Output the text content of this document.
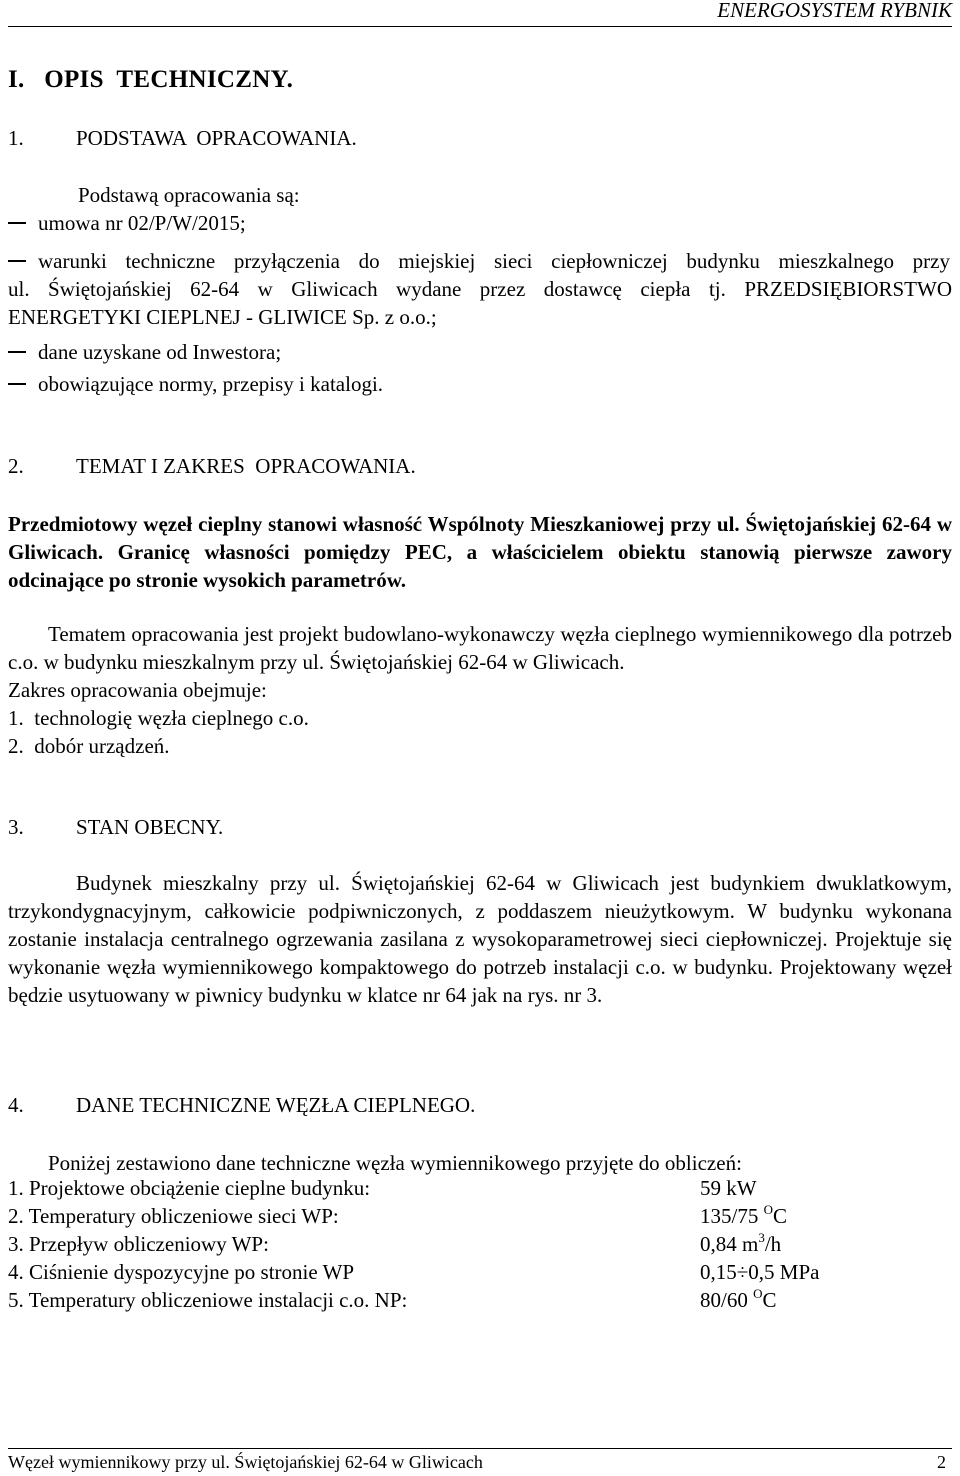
ENERGOSYSTEM RYBNIK
I.   OPIS  TECHNICZNY.
1. PODSTAWA  OPRACOWANIA.
Podstawą opracowania są:
umowa nr 02/P/W/2015;
warunki techniczne przyłączenia do miejskiej sieci ciepłowniczej budynku mieszkalnego przy
ul. Świętojańskiej 62-64 w Gliwicach wydane przez dostawcę ciepła tj. PRZEDSIĘBIORSTWO
ENERGETYKI CIEPLNEJ - GLIWICE Sp. z o.o.;
dane uzyskane od Inwestora;
obowiązujące normy, przepisy i katalogi.
2. TEMAT I ZAKRES  OPRACOWANIA.
Przedmiotowy węzeł cieplny stanowi własność Wspólnoty Mieszkaniowej przy ul. Świętojańskiej 62-64 w Gliwicach. Granicę własności pomiędzy PEC, a właścicielem obiektu stanowią pierwsze zawory odcinające po stronie wysokich parametrów.
Tematem opracowania jest projekt budowlano-wykonawczy węzła cieplnego wymiennikowego dla potrzeb c.o. w budynku mieszkalnym przy ul. Świętojańskiej 62-64 w Gliwicach.
Zakres opracowania obejmuje:
1.  technologię węzła cieplnego c.o.
2.  dobór urządzeń.
3. STAN OBECNY.
Budynek mieszkalny przy ul. Świętojańskiej 62-64 w Gliwicach jest budynkiem dwuklatkowym, trzykondygnacyjnym, całkowicie podpiwniczonych, z poddaszem nieużytkowym. W budynku wykonana zostanie instalacja centralnego ogrzewania zasilana z wysokoparametrowej sieci ciepłowniczej. Projektuje się wykonanie węzła wymiennikowego kompaktowego do potrzeb instalacji c.o. w budynku. Projektowany węzeł będzie usytuowany w piwnicy budynku w klatce nr 64 jak na rys. nr 3.
4. DANE TECHNICZNE WĘZŁA CIEPLNEGO.
Poniżej zestawiono dane techniczne węzła wymiennikowego przyjęte do obliczeń:
1. Projektowe obciążenie cieplne budynku:	59 kW
2. Temperatury obliczeniowe sieci WP:	135/75 $^O$C
3. Przepływ obliczeniowy WP:	0,84 $m^3/h$
4. Ciśnienie dyspozycyjne po stronie WP	0,15÷0,5 MPa
5. Temperatury obliczeniowe instalacji c.o. NP:	80/60 $^O$C
Węzeł wymiennikowy przy ul. Świętojańskiej 62-64 w Gliwicach	2
